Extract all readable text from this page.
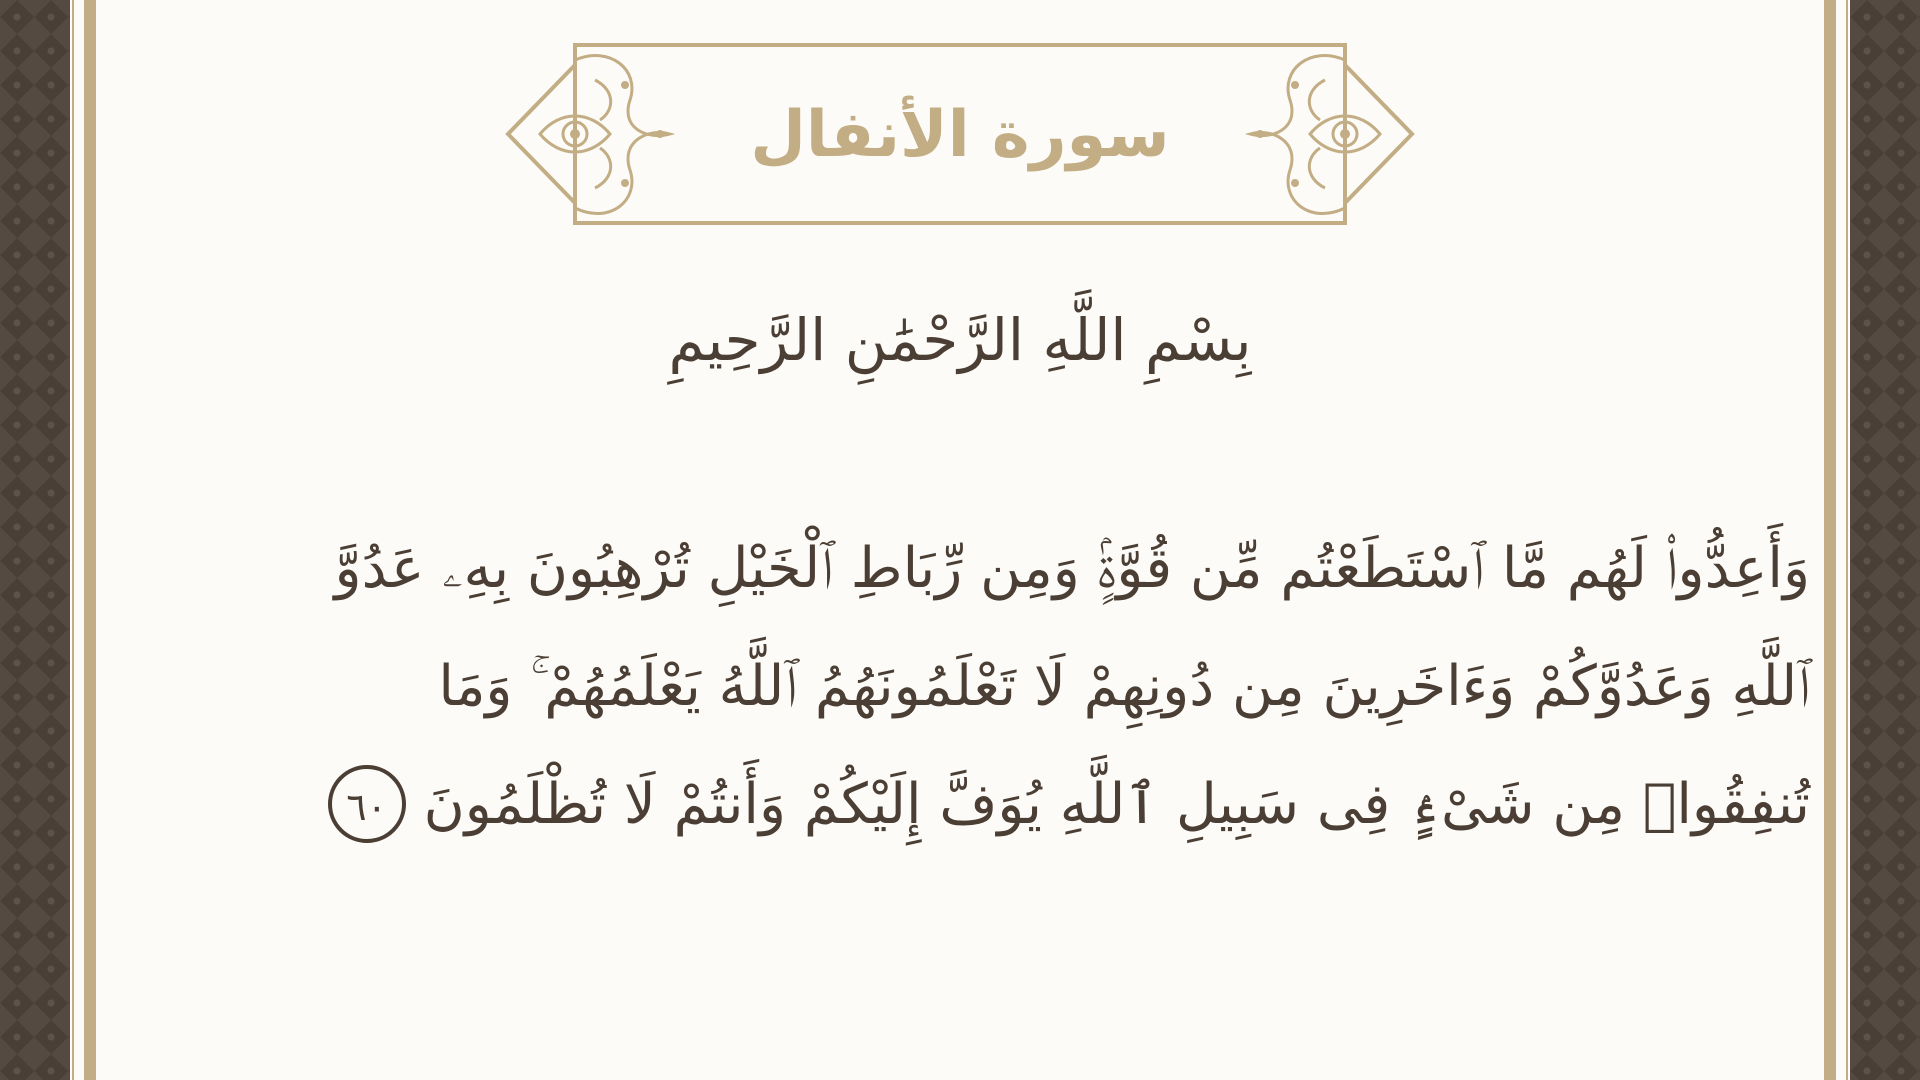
سورة الأنفال
بِسْمِ اللَّهِ الرَّحْمَٰنِ الرَّحِيمِ
وَأَعِدُّوا۟ لَهُم مَّا ٱسْتَطَعْتُم مِّن قُوَّةٍۢ وَمِن رِّبَاطِ ٱلْخَيْلِ تُرْهِبُونَ بِهِۦ عَدُوَّ
ٱللَّهِ وَعَدُوَّكُمْ وَءَاخَرِينَ مِن دُونِهِمْ لَا تَعْلَمُونَهُمُ ٱللَّهُ يَعْلَمُهُمْ ۚ وَمَا
تُنفِقُوا۟ مِن شَىْءٍۢ فِى سَبِيلِ ٱللَّهِ يُوَفَّ إِلَيْكُمْ وَأَنتُمْ لَا تُظْلَمُونَ٦٠
